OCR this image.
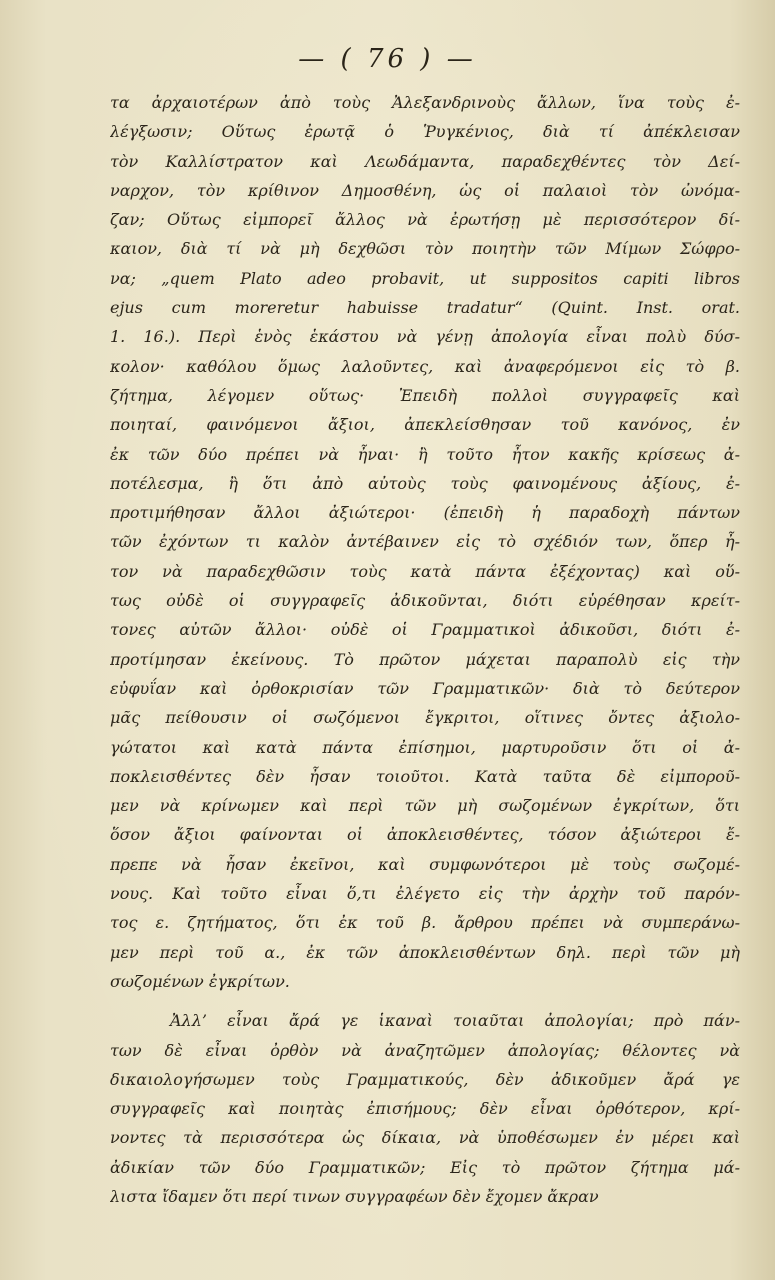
— ( 76 ) —
τα ἀρχαιοτέρων ἀπὸ τοὺς Ἀλεξανδρινοὺς ἄλλων, ἵνα τοὺς ἐ-
λέγξωσιν; Οὕτως ἐρωτᾷ ὁ Ῥυγκένιος, διὰ τί ἀπέκλεισαν
τὸν Καλλίστρατον καὶ Λεωδάμαντα, παραδεχθέντες τὸν Δεί-
ναρχον, τὸν κρίθινον Δημοσθένη, ὡς οἱ παλαιοὶ τὸν ὠνόμα-
ζαν; Οὕτως εἰμπορεῖ ἄλλος νὰ ἐρωτήσῃ μὲ περισσότερον δί-
καιον, διὰ τί νὰ μὴ δεχθῶσι τὸν ποιητὴν τῶν Μίμων Σώφρο-
να; „quem Plato adeo probavit, ut suppositos capiti libros
ejus cum moreretur habuisse tradatur“ (Quint. Inst. orat.
1. 16.). Περὶ ἑνὸς ἑκάστου νὰ γένῃ ἀπολογία εἶναι πολὺ δύσ-
κολον· καθόλου ὅμως λαλοῦντες, καὶ ἀναφερόμενοι εἰς τὸ β.
ζήτημα, λέγομεν οὕτως· Ἐπειδὴ πολλοὶ συγγραφεῖς καὶ
ποιηταί, φαινόμενοι ἄξιοι, ἀπεκλείσθησαν τοῦ κανόνος, ἐν
ἐκ τῶν δύο πρέπει νὰ ἦναι· ἢ τοῦτο ἦτον κακῆς κρίσεως ἀ-
ποτέλεσμα, ἢ ὅτι ἀπὸ αὐτοὺς τοὺς φαινομένους ἀξίους, ἐ-
προτιμήθησαν ἄλλοι ἀξιώτεροι· (ἐπειδὴ ἡ παραδοχὴ πάντων
τῶν ἐχόντων τι καλὸν ἀντέβαινεν εἰς τὸ σχέδιόν των, ὅπερ ἦ-
τον νὰ παραδεχθῶσιν τοὺς κατὰ πάντα ἐξέχοντας) καὶ οὕ-
τως οὐδὲ οἱ συγγραφεῖς ἀδικοῦνται, διότι εὑρέθησαν κρείτ-
τονες αὐτῶν ἄλλοι· οὐδὲ οἱ Γραμματικοὶ ἀδικοῦσι, διότι ἐ-
προτίμησαν ἐκείνους. Τὸ πρῶτον μάχεται παραπολὺ εἰς τὴν
εὐφυΐαν καὶ ὀρθοκρισίαν τῶν Γραμματικῶν· διὰ τὸ δεύτερον
μᾶς πείθουσιν οἱ σωζόμενοι ἔγκριτοι, οἵτινες ὄντες ἀξιολο-
γώτατοι καὶ κατὰ πάντα ἐπίσημοι, μαρτυροῦσιν ὅτι οἱ ἀ-
ποκλεισθέντες δὲν ἦσαν τοιοῦτοι. Κατὰ ταῦτα δὲ εἰμποροῦ-
μεν νὰ κρίνωμεν καὶ περὶ τῶν μὴ σωζομένων ἐγκρίτων, ὅτι
ὅσον ἄξιοι φαίνονται οἱ ἀποκλεισθέντες, τόσον ἀξιώτεροι ἔ-
πρεπε νὰ ἦσαν ἐκεῖνοι, καὶ συμφωνότεροι μὲ τοὺς σωζομέ-
νους. Καὶ τοῦτο εἶναι ὅ,τι ἐλέγετο εἰς τὴν ἀρχὴν τοῦ παρόν-
τος ε. ζητήματος, ὅτι ἐκ τοῦ β. ἄρθρου πρέπει νὰ συμπεράνω-
μεν περὶ τοῦ α., ἐκ τῶν ἀποκλεισθέντων δηλ. περὶ τῶν μὴ
σωζομένων ἐγκρίτων.
Ἀλλ’ εἶναι ἄρά γε ἱκαναὶ τοιαῦται ἀπολογίαι; πρὸ πάν-
των δὲ εἶναι ὀρθὸν νὰ ἀναζητῶμεν ἀπολογίας; θέλοντες νὰ
δικαιολογήσωμεν τοὺς Γραμματικούς, δὲν ἀδικοῦμεν ἄρά γε
συγγραφεῖς καὶ ποιητὰς ἐπισήμους; δὲν εἶναι ὀρθότερον, κρί-
νοντες τὰ περισσότερα ὡς δίκαια, νὰ ὑποθέσωμεν ἐν μέρει καὶ
ἀδικίαν τῶν δύο Γραμματικῶν; Εἰς τὸ πρῶτον ζήτημα μά-
λιστα ἴδαμεν ὅτι περί τινων συγγραφέων δὲν ἔχομεν ἄκραν
